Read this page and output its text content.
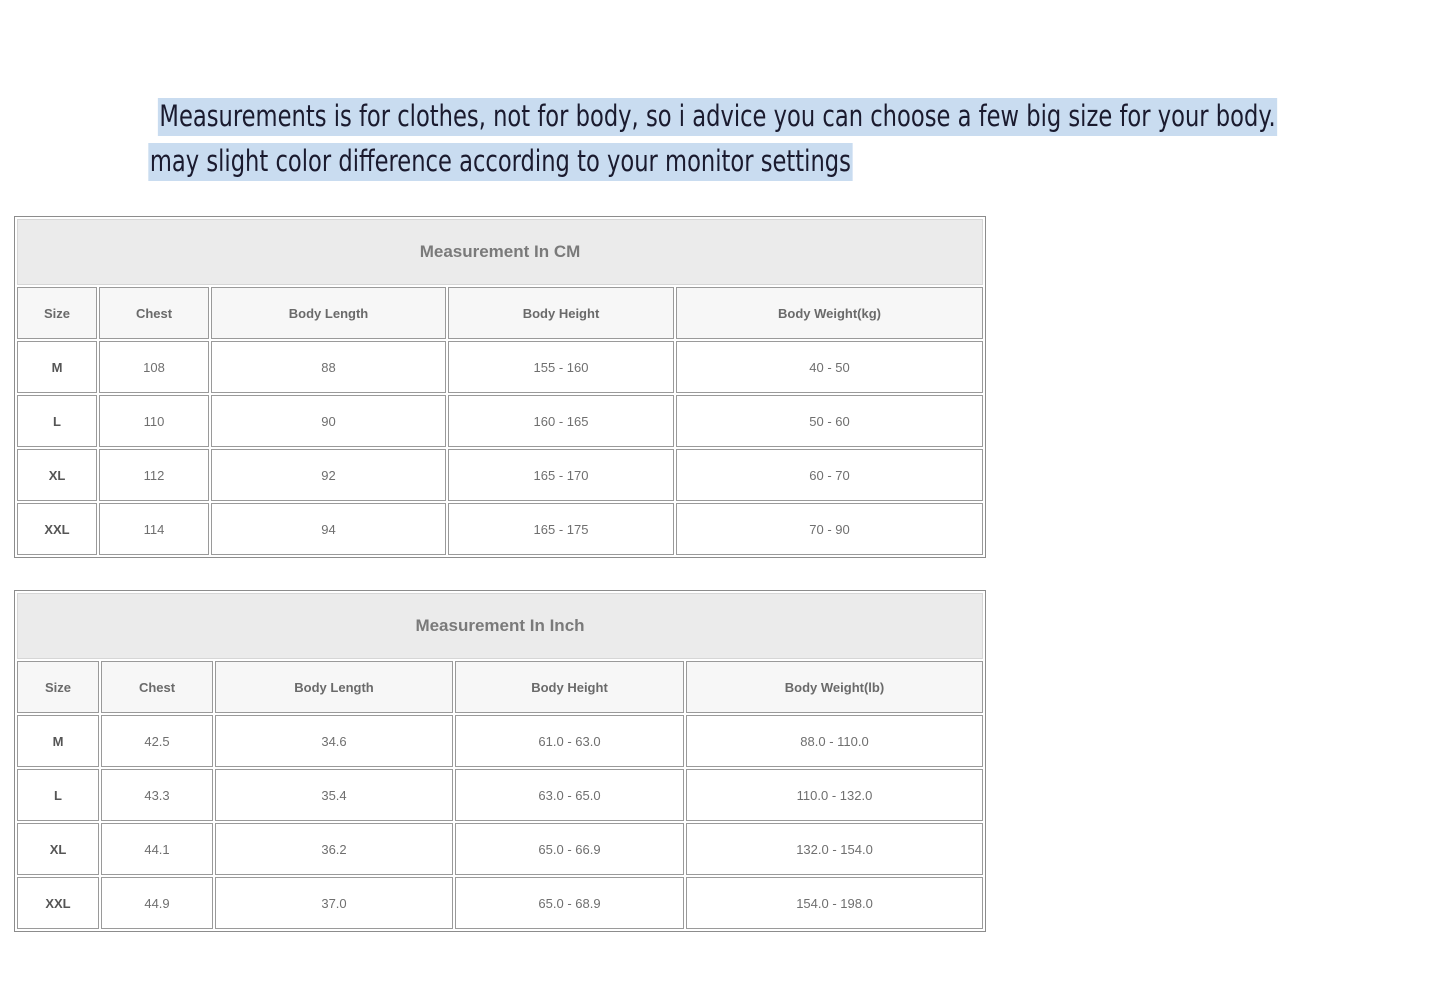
Measurements is for clothes, not for body, so i advice you can choose a few big size for your body.
may slight color difference according to your monitor settings
Measurement In CM				
Size	Chest	Body Length	Body Height	Body Weight(kg)
M	108	88	155 - 160	40 - 50
L	110	90	160 - 165	50 - 60
XL	112	92	165 - 170	60 - 70
XXL	114	94	165 - 175	70 - 90
Measurement In Inch				
Size	Chest	Body Length	Body Height	Body Weight(lb)
M	42.5	34.6	61.0 - 63.0	88.0 - 110.0
L	43.3	35.4	63.0 - 65.0	110.0 - 132.0
XL	44.1	36.2	65.0 - 66.9	132.0 - 154.0
XXL	44.9	37.0	65.0 - 68.9	154.0 - 198.0
